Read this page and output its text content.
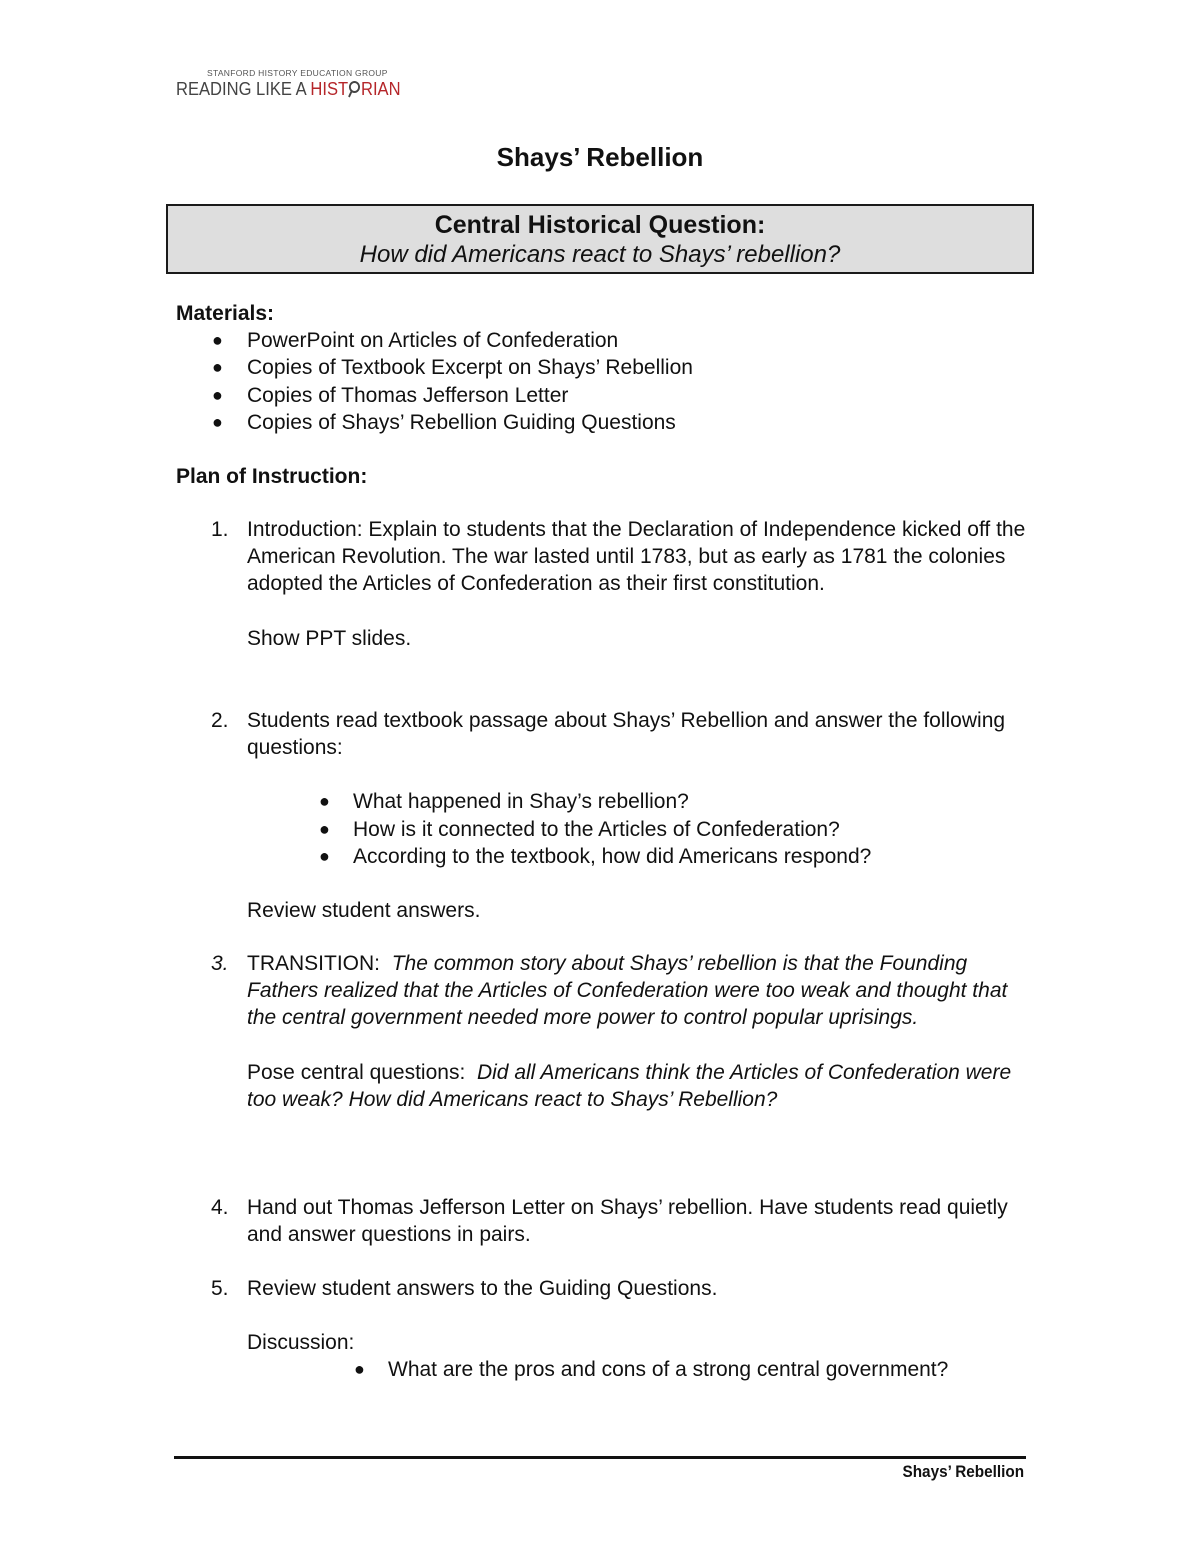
STANFORD HISTORY EDUCATION GROUP
READING LIKE A HIST RIAN
Shays’ Rebellion
Central Historical Question:
How did Americans react to Shays’ rebellion?
Materials:
● PowerPoint on Articles of Confederation
● Copies of Textbook Excerpt on Shays’ Rebellion
● Copies of Thomas Jefferson Letter
● Copies of Shays’ Rebellion Guiding Questions
Plan of Instruction:
1. Introduction: Explain to students that the Declaration of Independence kicked off the American Revolution. The war lasted until 1783, but as early as 1781 the colonies adopted the Articles of Confederation as their first constitution.

Show PPT slides.

2. Students read textbook passage about Shays’ Rebellion and answer the following questions:

● What happened in Shay’s rebellion?
● How is it connected to the Articles of Confederation?
● According to the textbook, how did Americans respond?

Review student answers.

3. TRANSITION:  The common story about Shays’ rebellion is that the Founding Fathers realized that the Articles of Confederation were too weak and thought that the central government needed more power to control popular uprisings.

Pose central questions:  Did all Americans think the Articles of Confederation were too weak? How did Americans react to Shays’ Rebellion?

4. Hand out Thomas Jefferson Letter on Shays’ rebellion. Have students read quietly and answer questions in pairs.

5. Review student answers to the Guiding Questions.

Discussion:

● What are the pros and cons of a strong central government?
Shays’ Rebellion
